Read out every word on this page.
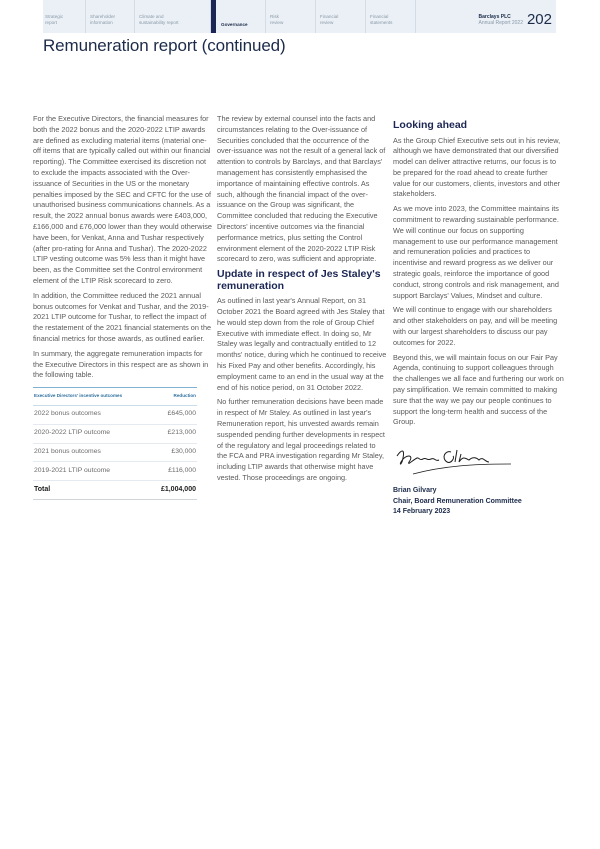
Strategic
report
Shareholder
information
Climate and
sustainability report	Governance
Risk
review
Financial
review
Financial
statements
Barclays PLC
Annual Report 2022 202
Remuneration report (continued)

For the Executive Directors, the financial measures for both the 2022 bonus and the 2020-2022 LTIP awards are defined as excluding material items (material one-off items that are typically called out within our financial reporting). The Committee exercised its discretion not to exclude the impacts associated with the Over-issuance of Securities in the US or the monetary penalties imposed by the SEC and CFTC for the use of unauthorised business communications channels. As a result, the 2022 annual bonus awards were £403,000, £166,000 and £76,000 lower than they would otherwise have been, for Venkat, Anna and Tushar respectively (after pro-rating for Anna and Tushar). The 2020-2022 LTIP vesting outcome was 5% less than it might have been, as the Committee set the Control environment element of the LTIP Risk scorecard to zero.

In addition, the Committee reduced the 2021 annual bonus outcomes for Venkat and Tushar, and the 2019-2021 LTIP outcome for Tushar, to reflect the impact of the restatement of the 2021 financial statements on the financial metrics for those awards, as outlined earlier.

In summary, the aggregate remuneration impacts for the Executive Directors in this respect are as shown in the following table.

Executive Directors' incentive outcomes	Reduction
2022 bonus outcomes	£645,000
2020-2022 LTIP outcome	£213,000
2021 bonus outcomes	£30,000
2019-2021 LTIP outcome	£116,000
Total	£1,004,000

The review by external counsel into the facts and circumstances relating to the Over-issuance of Securities concluded that the occurrence of the over-issuance was not the result of a general lack of attention to controls by Barclays, and that Barclays' management has consistently emphasised the importance of maintaining effective controls. As such, although the financial impact of the over-issuance on the Group was significant, the Committee concluded that reducing the Executive Directors' incentive outcomes via the financial performance metrics, plus setting the Control environment element of the 2020-2022 LTIP Risk scorecard to zero, was sufficient and appropriate.

Update in respect of Jes Staley's remuneration

As outlined in last year's Annual Report, on 31 October 2021 the Board agreed with Jes Staley that he would step down from the role of Group Chief Executive with immediate effect. In doing so, Mr Staley was legally and contractually entitled to 12 months' notice, during which he continued to receive his Fixed Pay and other benefits. Accordingly, his employment came to an end in the usual way at the end of his notice period, on 31 October 2022.

No further remuneration decisions have been made in respect of Mr Staley. As outlined in last year's Remuneration report, his unvested awards remain suspended pending further developments in respect of the regulatory and legal proceedings related to the FCA and PRA investigation regarding Mr Staley, including LTIP awards that otherwise might have vested. Those proceedings are ongoing.

Looking ahead

As the Group Chief Executive sets out in his review, although we have demonstrated that our diversified model can deliver attractive returns, our focus is to be prepared for the road ahead to create further value for our customers, clients, investors and other stakeholders.

As we move into 2023, the Committee maintains its commitment to rewarding sustainable performance. We will continue our focus on supporting management to use our performance management and remuneration policies and practices to incentivise and reward progress as we deliver our strategic goals, reinforce the importance of good conduct, strong controls and risk management, and support Barclays' Values, Mindset and culture.

We will continue to engage with our shareholders and other stakeholders on pay, and will be meeting with our largest shareholders to discuss our pay outcomes for 2022.

Beyond this, we will maintain focus on our Fair Pay Agenda, continuing to support colleagues through the challenges we all face and furthering our work on pay simplification. We remain committed to making sure that the way we pay our people continues to support the long-term health and success of the Group.

Brian Gilvary
Chair, Board Remuneration Committee
14 February 2023
